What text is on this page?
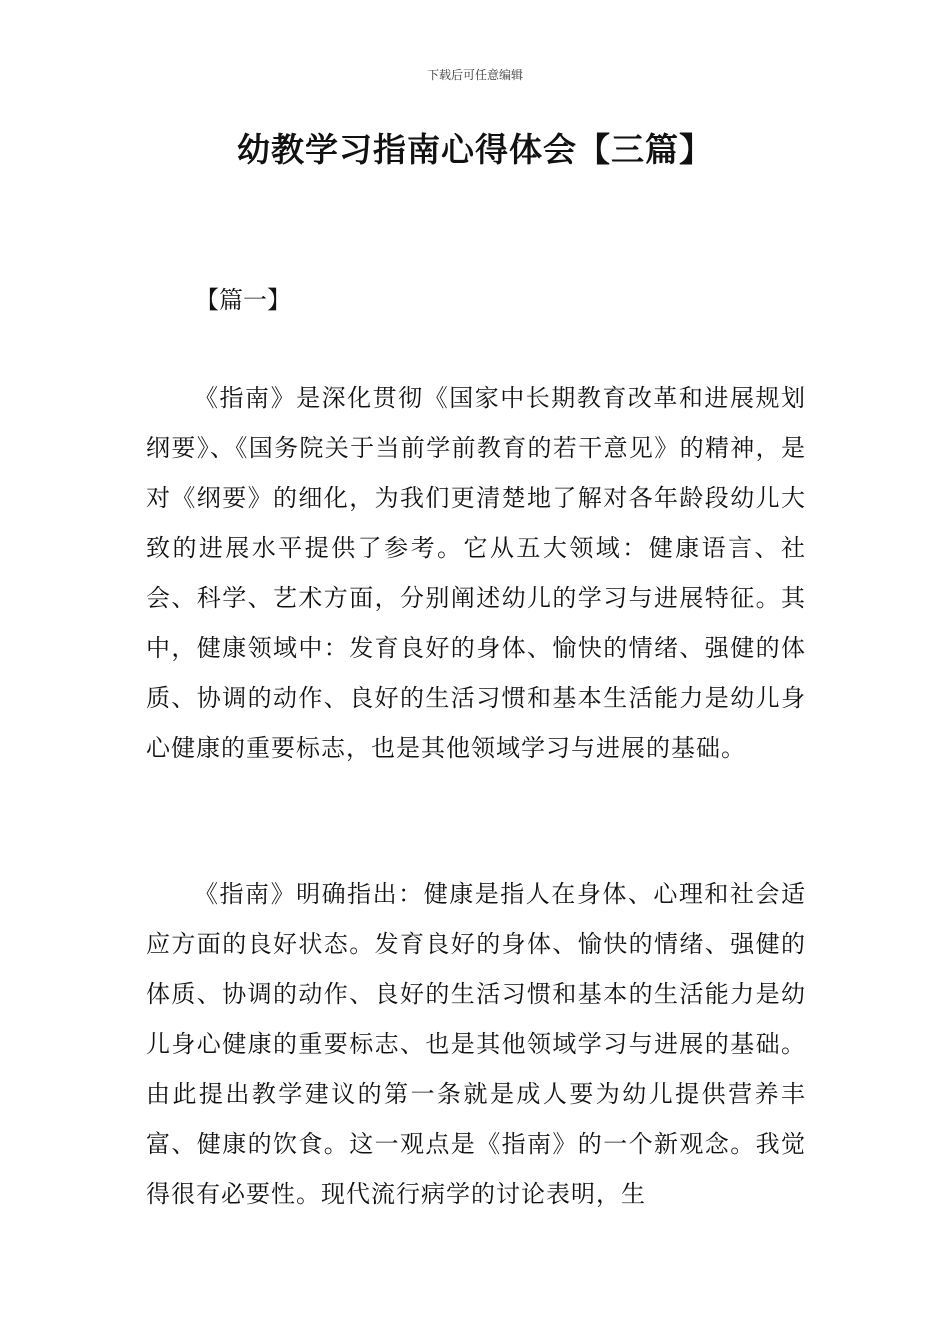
下载后可任意编辑
幼教学习指南心得体会【三篇】
【篇一】

《指南》是深化贯彻《国家中长期教育改革和进展规划纲要》、《国务院关于当前学前教育的若干意见》的精神，是对《纲要》的细化，为我们更清楚地了解对各年龄段幼儿大致的进展水平提供了参考。它从五大领域：健康语言、社会、科学、艺术方面，分别阐述幼儿的学习与进展特征。其中，健康领域中：发育良好的身体、愉快的情绪、强健的体质、协调的动作、良好的生活习惯和基本生活能力是幼儿身心健康的重要标志，也是其他领域学习与进展的基础。

《指南》明确指出：健康是指人在身体、心理和社会适应方面的良好状态。发育良好的身体、愉快的情绪、强健的体质、协调的动作、良好的生活习惯和基本的生活能力是幼儿身心健康的重要标志、也是其他领域学习与进展的基础。由此提出教学建议的第一条就是成人要为幼儿提供营养丰富、健康的饮食。这一观点是《指南》的一个新观念。我觉得很有必要性。现代流行病学的讨论表明，生
